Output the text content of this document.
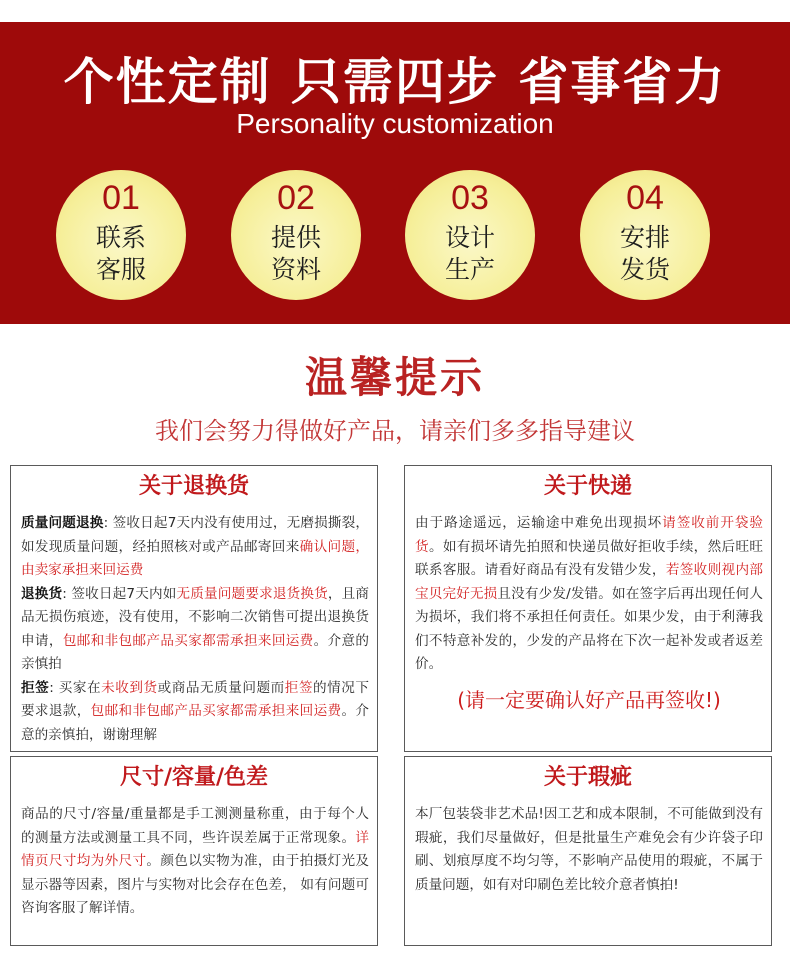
个性定制 只需四步 省事省力
Personality customization
01
联系
客服
02
提供
资料
03
设计
生产
04
安排
发货
温馨提示
我们会努力得做好产品，请亲们多多指导建议
关于退换货
质量问题退换: 签收日起7天内没有使用过，无磨损撕裂，如发现质量问题，经拍照核对或产品邮寄回来确认问题，由卖家承担来回运费
退换货: 签收日起7天内如无质量问题要求退货换货，且商品无损伤痕迹，没有使用，不影响二次销售可提出退换货申请，包邮和非包邮产品买家都需承担来回运费。介意的亲慎拍
拒签: 买家在未收到货或商品无质量问题而拒签的情况下要求退款，包邮和非包邮产品买家都需承担来回运费。介意的亲慎拍，谢谢理解
关于快递
由于路途遥远，运输途中难免出现损坏请签收前开袋验货。如有损坏请先拍照和快递员做好拒收手续，然后旺旺联系客服。请看好商品有没有发错少发，若签收则视内部宝贝完好无损且没有少发/发错。如在签字后再出现任何人为损坏，我们将不承担任何责任。如果少发，由于利薄我们不特意补发的，少发的产品将在下次一起补发或者返差价。
(请一定要确认好产品再签收!)
尺寸/容量/色差
商品的尺寸/容量/重量都是手工测测量称重，由于每个人的测量方法或测量工具不同，些许误差属于正常现象。详情页尺寸均为外尺寸。颜色以实物为准，由于拍摄灯光及显示器等因素，图片与实物对比会存在色差， 如有问题可咨询客服了解详情。
关于瑕疵
本厂包装袋非艺术品!因工艺和成本限制，不可能做到没有瑕疵，我们尽量做好，但是批量生产难免会有少许袋子印刷、划痕厚度不均匀等，不影响产品使用的瑕疵，不属于质量问题，如有对印刷色差比较介意者慎拍!
